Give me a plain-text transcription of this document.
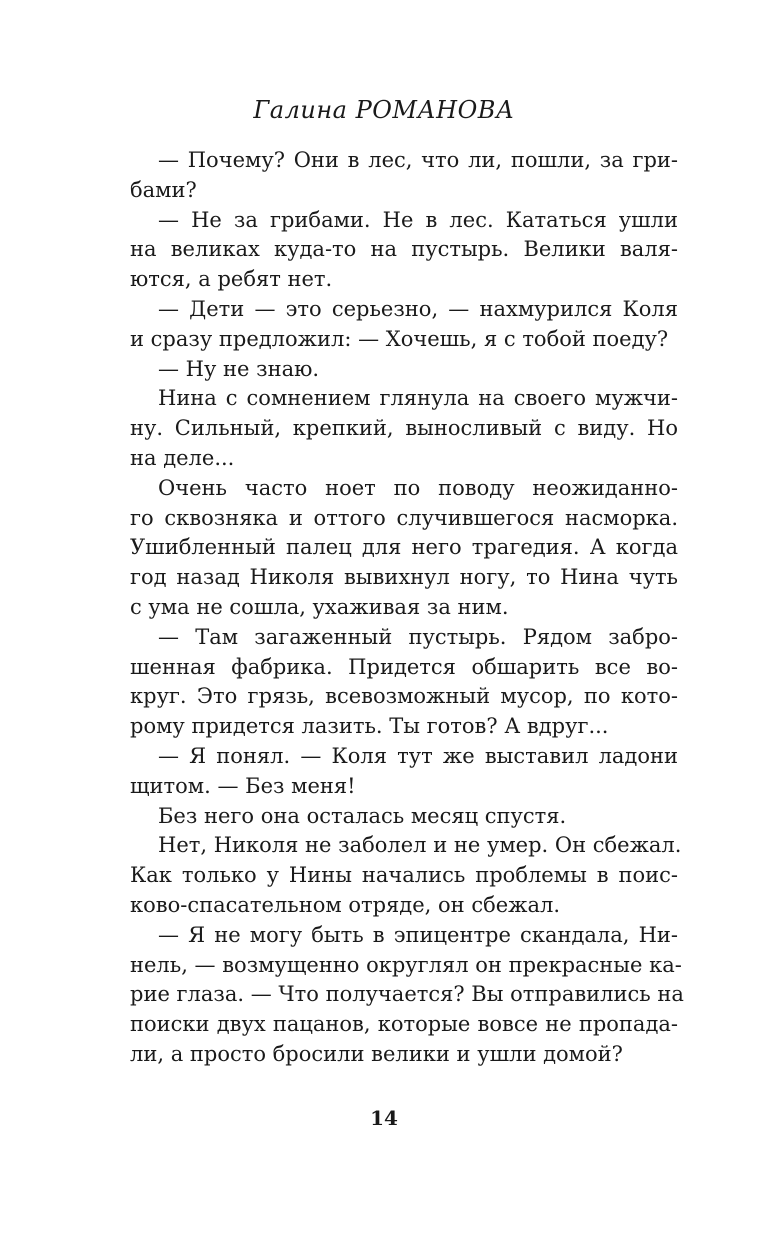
Галина РОМАНОВА

— Почему? Они в лес, что ли, пошли, за гри-
бами?

— Не за грибами. Не в лес. Кататься ушли
на великах куда-то на пустырь. Велики валя-
ются, а ребят нет.

— Дети — это серьезно, — нахмурился Коля
и сразу предложил: — Хочешь, я с тобой поеду?

— Ну не знаю.

Нина с сомнением глянула на своего мужчи-
ну. Сильный, крепкий, выносливый с виду. Но
на деле...

Очень часто ноет по поводу неожиданно-
го сквозняка и оттого случившегося насморка.
Ушибленный палец для него трагедия. А когда
год назад Николя вывихнул ногу, то Нина чуть
с ума не сошла, ухаживая за ним.

— Там загаженный пустырь. Рядом забро-
шенная фабрика. Придется обшарить все во-
круг. Это грязь, всевозможный мусор, по кото-
рому придется лазить. Ты готов? А вдруг...

— Я понял. — Коля тут же выставил ладони
щитом. — Без меня!

Без него она осталась месяц спустя.

Нет, Николя не заболел и не умер. Он сбежал.
Как только у Нины начались проблемы в поис-
ково-спасательном отряде, он сбежал.

— Я не могу быть в эпицентре скандала, Ни-
нель, — возмущенно округлял он прекрасные ка-
рие глаза. — Что получается? Вы отправились на
поиски двух пацанов, которые вовсе не пропада-
ли, а просто бросили велики и ушли домой?

14
